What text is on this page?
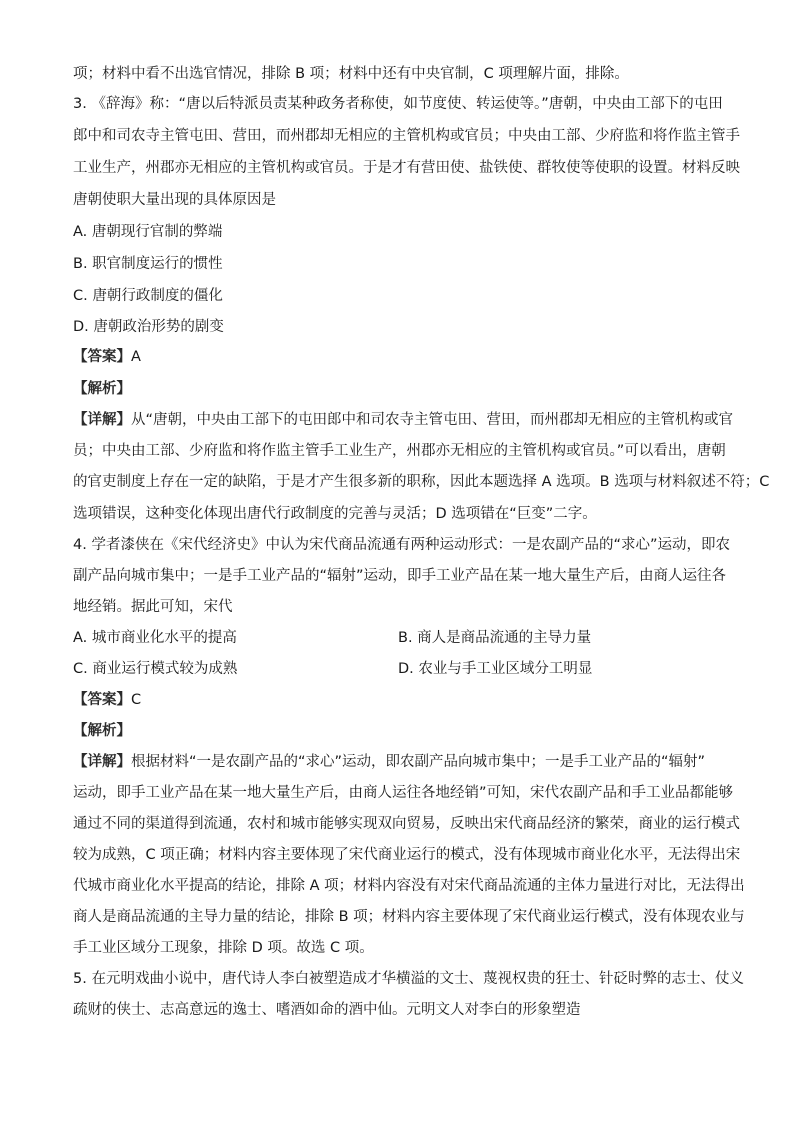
项；材料中看不出选官情况，排除 B 项；材料中还有中央官制，C 项理解片面，排除。
3. 《辞海》称：“唐以后特派员责某种政务者称使，如节度使、转运使等。”唐朝，中央由工部下的屯田
郎中和司农寺主管屯田、营田，而州郡却无相应的主管机构或官员；中央由工部、少府监和将作监主管手
工业生产，州郡亦无相应的主管机构或官员。于是才有营田使、盐铁使、群牧使等使职的设置。材料反映
唐朝使职大量出现的具体原因是
A. 唐朝现行官制的弊端
B. 职官制度运行的惯性
C. 唐朝行政制度的僵化
D. 唐朝政治形势的剧变
【答案】A
【解析】
【详解】从“唐朝，中央由工部下的屯田郎中和司农寺主管屯田、营田，而州郡却无相应的主管机构或官
员；中央由工部、少府监和将作监主管手工业生产，州郡亦无相应的主管机构或官员。”可以看出，唐朝
的官吏制度上存在一定的缺陷，于是才产生很多新的职称，因此本题选择 A 选项。B 选项与材料叙述不符；C
选项错误，这种变化体现出唐代行政制度的完善与灵活；D 选项错在“巨变”二字。
4. 学者漆侠在《宋代经济史》中认为宋代商品流通有两种运动形式：一是农副产品的“求心”运动，即农
副产品向城市集中；一是手工业产品的“辐射”运动，即手工业产品在某一地大量生产后，由商人运往各
地经销。据此可知，宋代
A. 城市商业化水平的提高	B. 商人是商品流通的主导力量
C. 商业运行模式较为成熟	D. 农业与手工业区域分工明显
【答案】C
【解析】
【详解】根据材料“一是农副产品的“求心”运动，即农副产品向城市集中；一是手工业产品的“辐射”
运动，即手工业产品在某一地大量生产后，由商人运往各地经销”可知，宋代农副产品和手工业品都能够
通过不同的渠道得到流通，农村和城市能够实现双向贸易，反映出宋代商品经济的繁荣，商业的运行模式
较为成熟，C 项正确；材料内容主要体现了宋代商业运行的模式，没有体现城市商业化水平，无法得出宋
代城市商业化水平提高的结论，排除 A 项；材料内容没有对宋代商品流通的主体力量进行对比，无法得出
商人是商品流通的主导力量的结论，排除 B 项；材料内容主要体现了宋代商业运行模式，没有体现农业与
手工业区域分工现象，排除 D 项。故选 C 项。
5. 在元明戏曲小说中，唐代诗人李白被塑造成才华横溢的文士、蔑视权贵的狂士、针砭时弊的志士、仗义
疏财的侠士、志高意远的逸士、嗜酒如命的酒中仙。元明文人对李白的形象塑造
